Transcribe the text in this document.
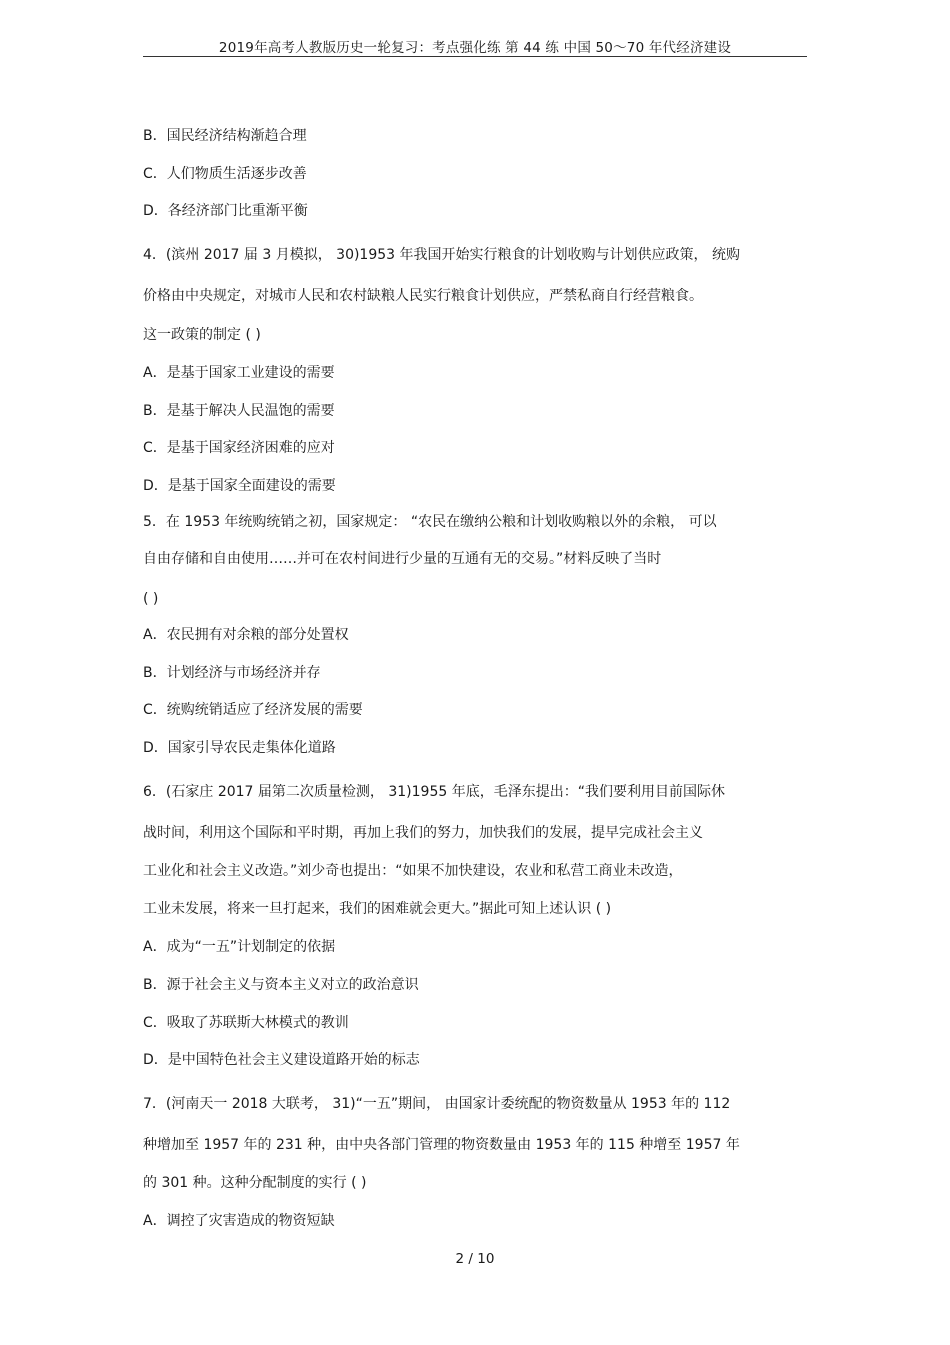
2019年高考人教版历史一轮复习：考点强化练 第 44 练 中国 50～70 年代经济建设
B．国民经济结构渐趋合理
C．人们物质生活逐步改善
D．各经济部门比重渐平衡
4．(滨州 2017 届 3 月模拟， 30)1953 年我国开始实行粮食的计划收购与计划供应政策， 统购
价格由中央规定，对城市人民和农村缺粮人民实行粮食计划供应，严禁私商自行经营粮食。
这一政策的制定 ( )
A．是基于国家工业建设的需要
B．是基于解决人民温饱的需要
C．是基于国家经济困难的应对
D．是基于国家全面建设的需要
5．在 1953 年统购统销之初，国家规定： “农民在缴纳公粮和计划收购粮以外的余粮， 可以
自由存储和自由使用……并可在农村间进行少量的互通有无的交易。”材料反映了当时
( )
A．农民拥有对余粮的部分处置权
B．计划经济与市场经济并存
C．统购统销适应了经济发展的需要
D．国家引导农民走集体化道路
6．(石家庄 2017 届第二次质量检测， 31)1955 年底，毛泽东提出：“我们要利用目前国际休
战时间，利用这个国际和平时期，再加上我们的努力，加快我们的发展，提早完成社会主义
工业化和社会主义改造。”刘少奇也提出：“如果不加快建设，农业和私营工商业未改造，
工业未发展，将来一旦打起来，我们的困难就会更大。”据此可知上述认识 ( )
A．成为“一五”计划制定的依据
B．源于社会主义与资本主义对立的政治意识
C．吸取了苏联斯大林模式的教训
D．是中国特色社会主义建设道路开始的标志
7．(河南天一 2018 大联考， 31)“一五”期间， 由国家计委统配的物资数量从 1953 年的 112
种增加至 1957 年的 231 种，由中央各部门管理的物资数量由 1953 年的 115 种增至 1957 年
的 301 种。这种分配制度的实行 ( )
A．调控了灾害造成的物资短缺
2 / 10
